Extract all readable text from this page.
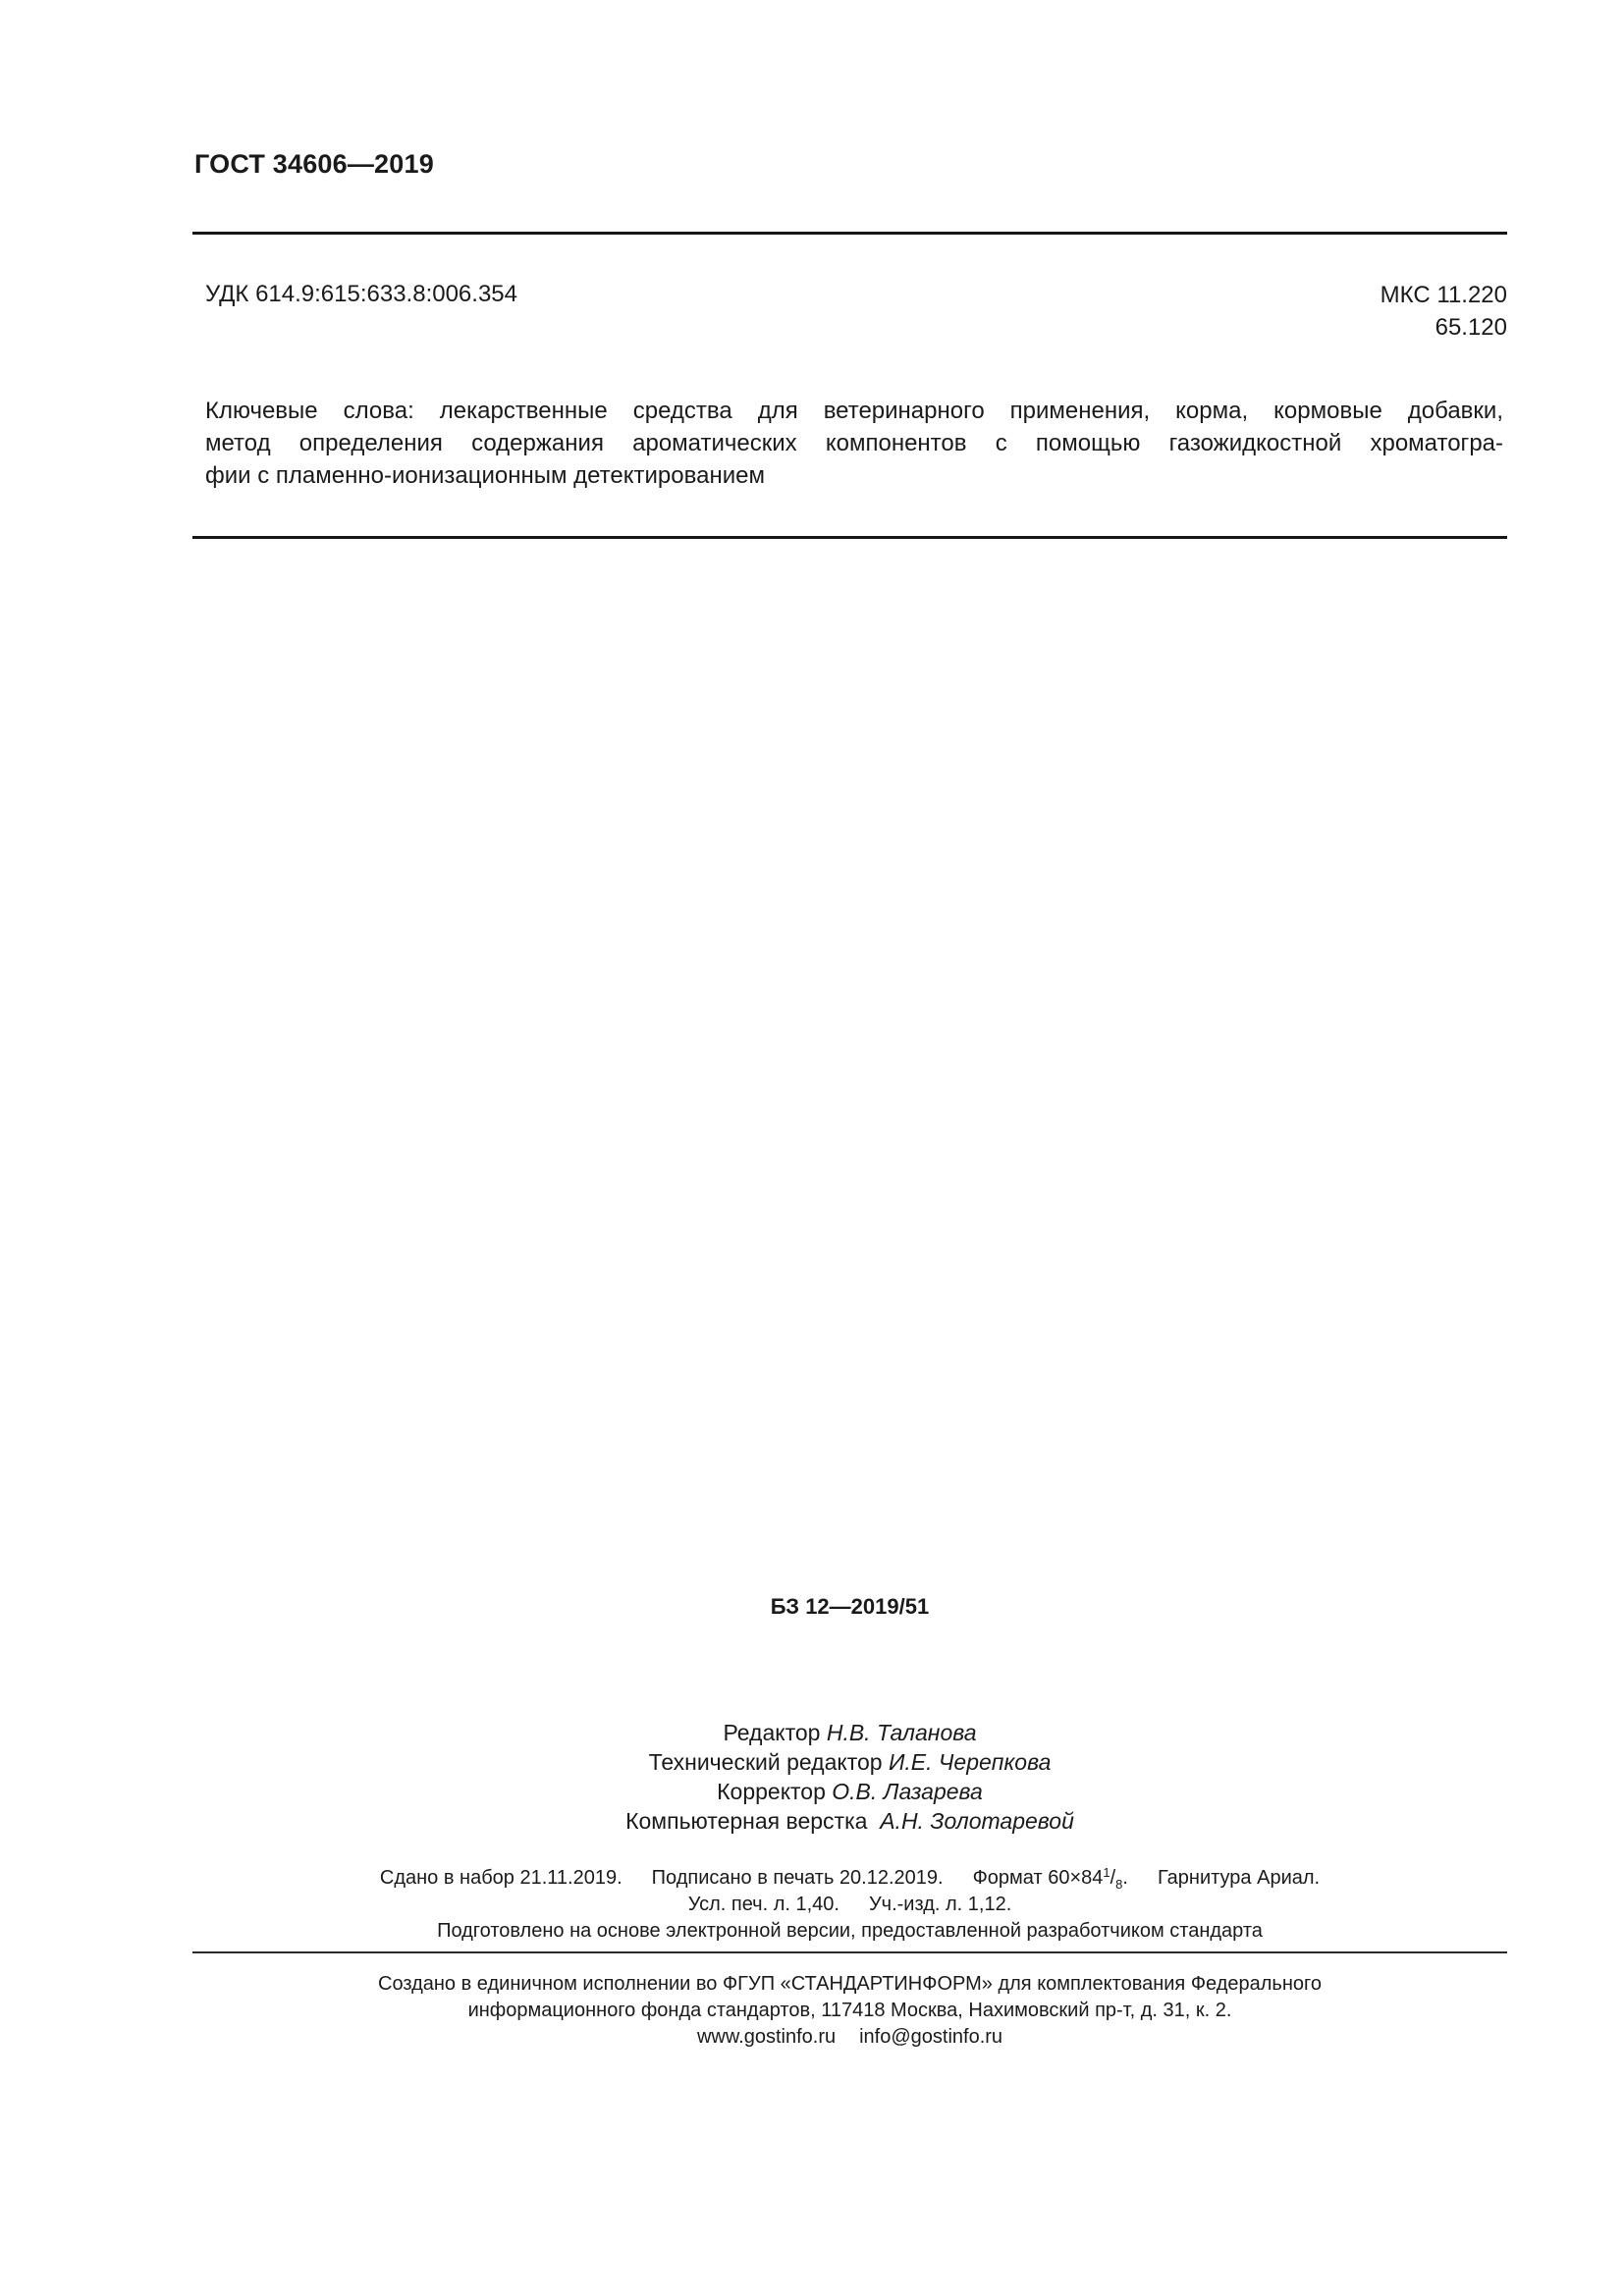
ГОСТ 34606—2019
УДК 614.9:615:633.8:006.354	МКС 11.220
65.120
Ключевые слова: лекарственные средства для ветеринарного применения, корма, кормовые добавки,
метод определения содержания ароматических компонентов с помощью газожидкостной хроматогра-
фии с пламенно-ионизационным детектированием
БЗ 12—2019/51
Редактор Н.В. Таланова
Технический редактор И.Е. Черепкова
Корректор О.В. Лазарева
Компьютерная верстка А.Н. Золотаревой
Сдано в набор 21.11.2019. Подписано в печать 20.12.2019. Формат $60\times 84^1/_8$. Гарнитура Ариал.
Усл. печ. л. 1,40. Уч.-изд. л. 1,12.
Подготовлено на основе электронной версии, предоставленной разработчиком стандарта
Создано в единичном исполнении во ФГУП «СТАНДАРТИНФОРМ» для комплектования Федерального
информационного фонда стандартов, 117418 Москва, Нахимовский пр-т, д. 31, к. 2.
www.gostinfo.ru info@gostinfo.ru
